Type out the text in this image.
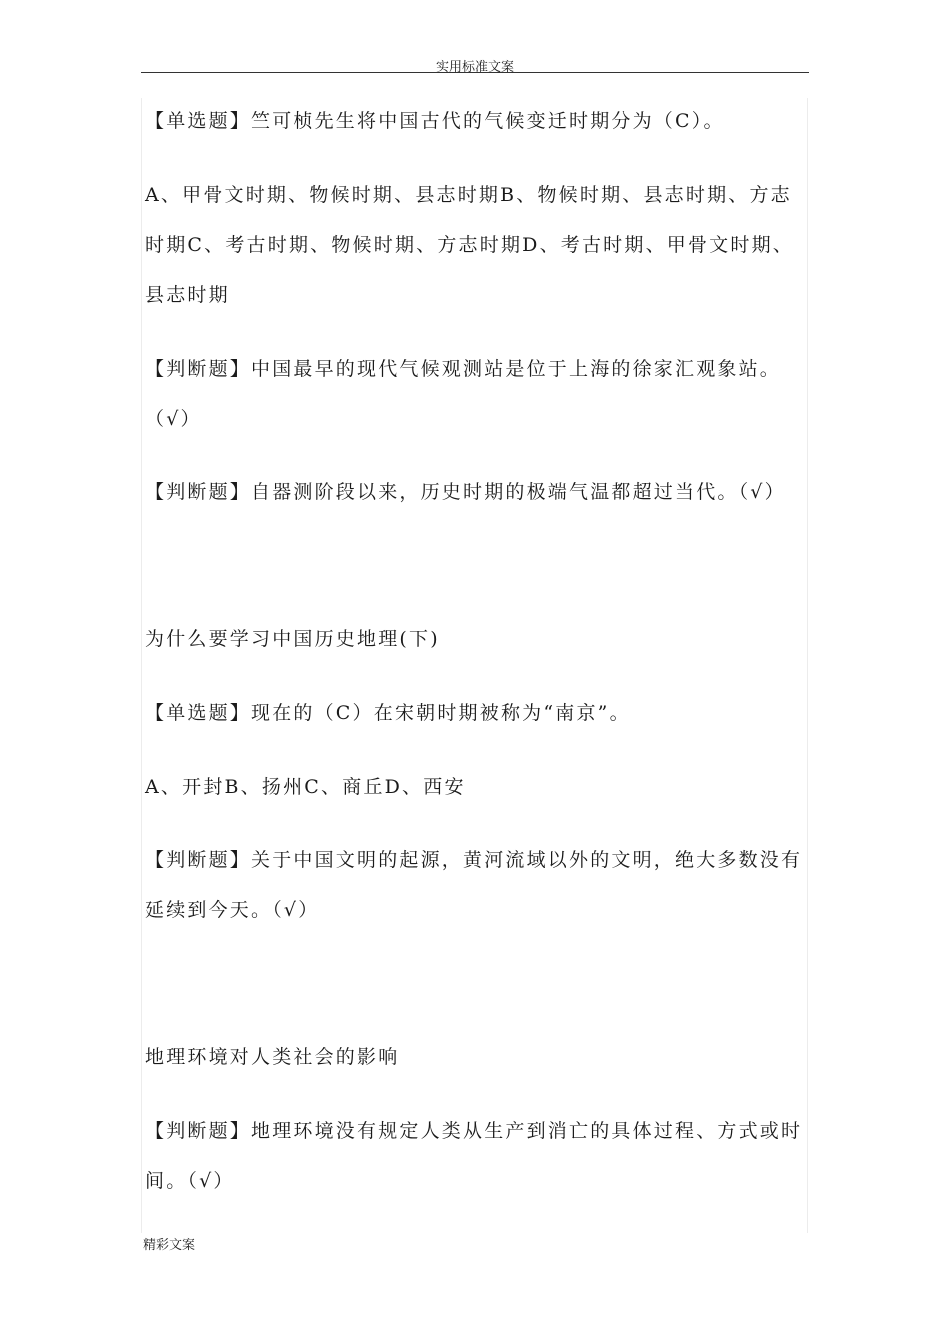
实用标准文案
【单选题】竺可桢先生将中国古代的气候变迁时期分为（C）。
A、甲骨文时期、物候时期、县志时期B、物候时期、县志时期、方志时期C、考古时期、物候时期、方志时期D、考古时期、甲骨文时期、县志时期
【判断题】中国最早的现代气候观测站是位于上海的徐家汇观象站。（√）
【判断题】自器测阶段以来，历史时期的极端气温都超过当代。（√）
为什么要学习中国历史地理(下)
【单选题】现在的（C）在宋朝时期被称为“南京”。
A、开封B、扬州C、商丘D、西安
【判断题】关于中国文明的起源，黄河流域以外的文明，绝大多数没有延续到今天。（√）
地理环境对人类社会的影响
【判断题】地理环境没有规定人类从生产到消亡的具体过程、方式或时间。（√）
精彩文案
